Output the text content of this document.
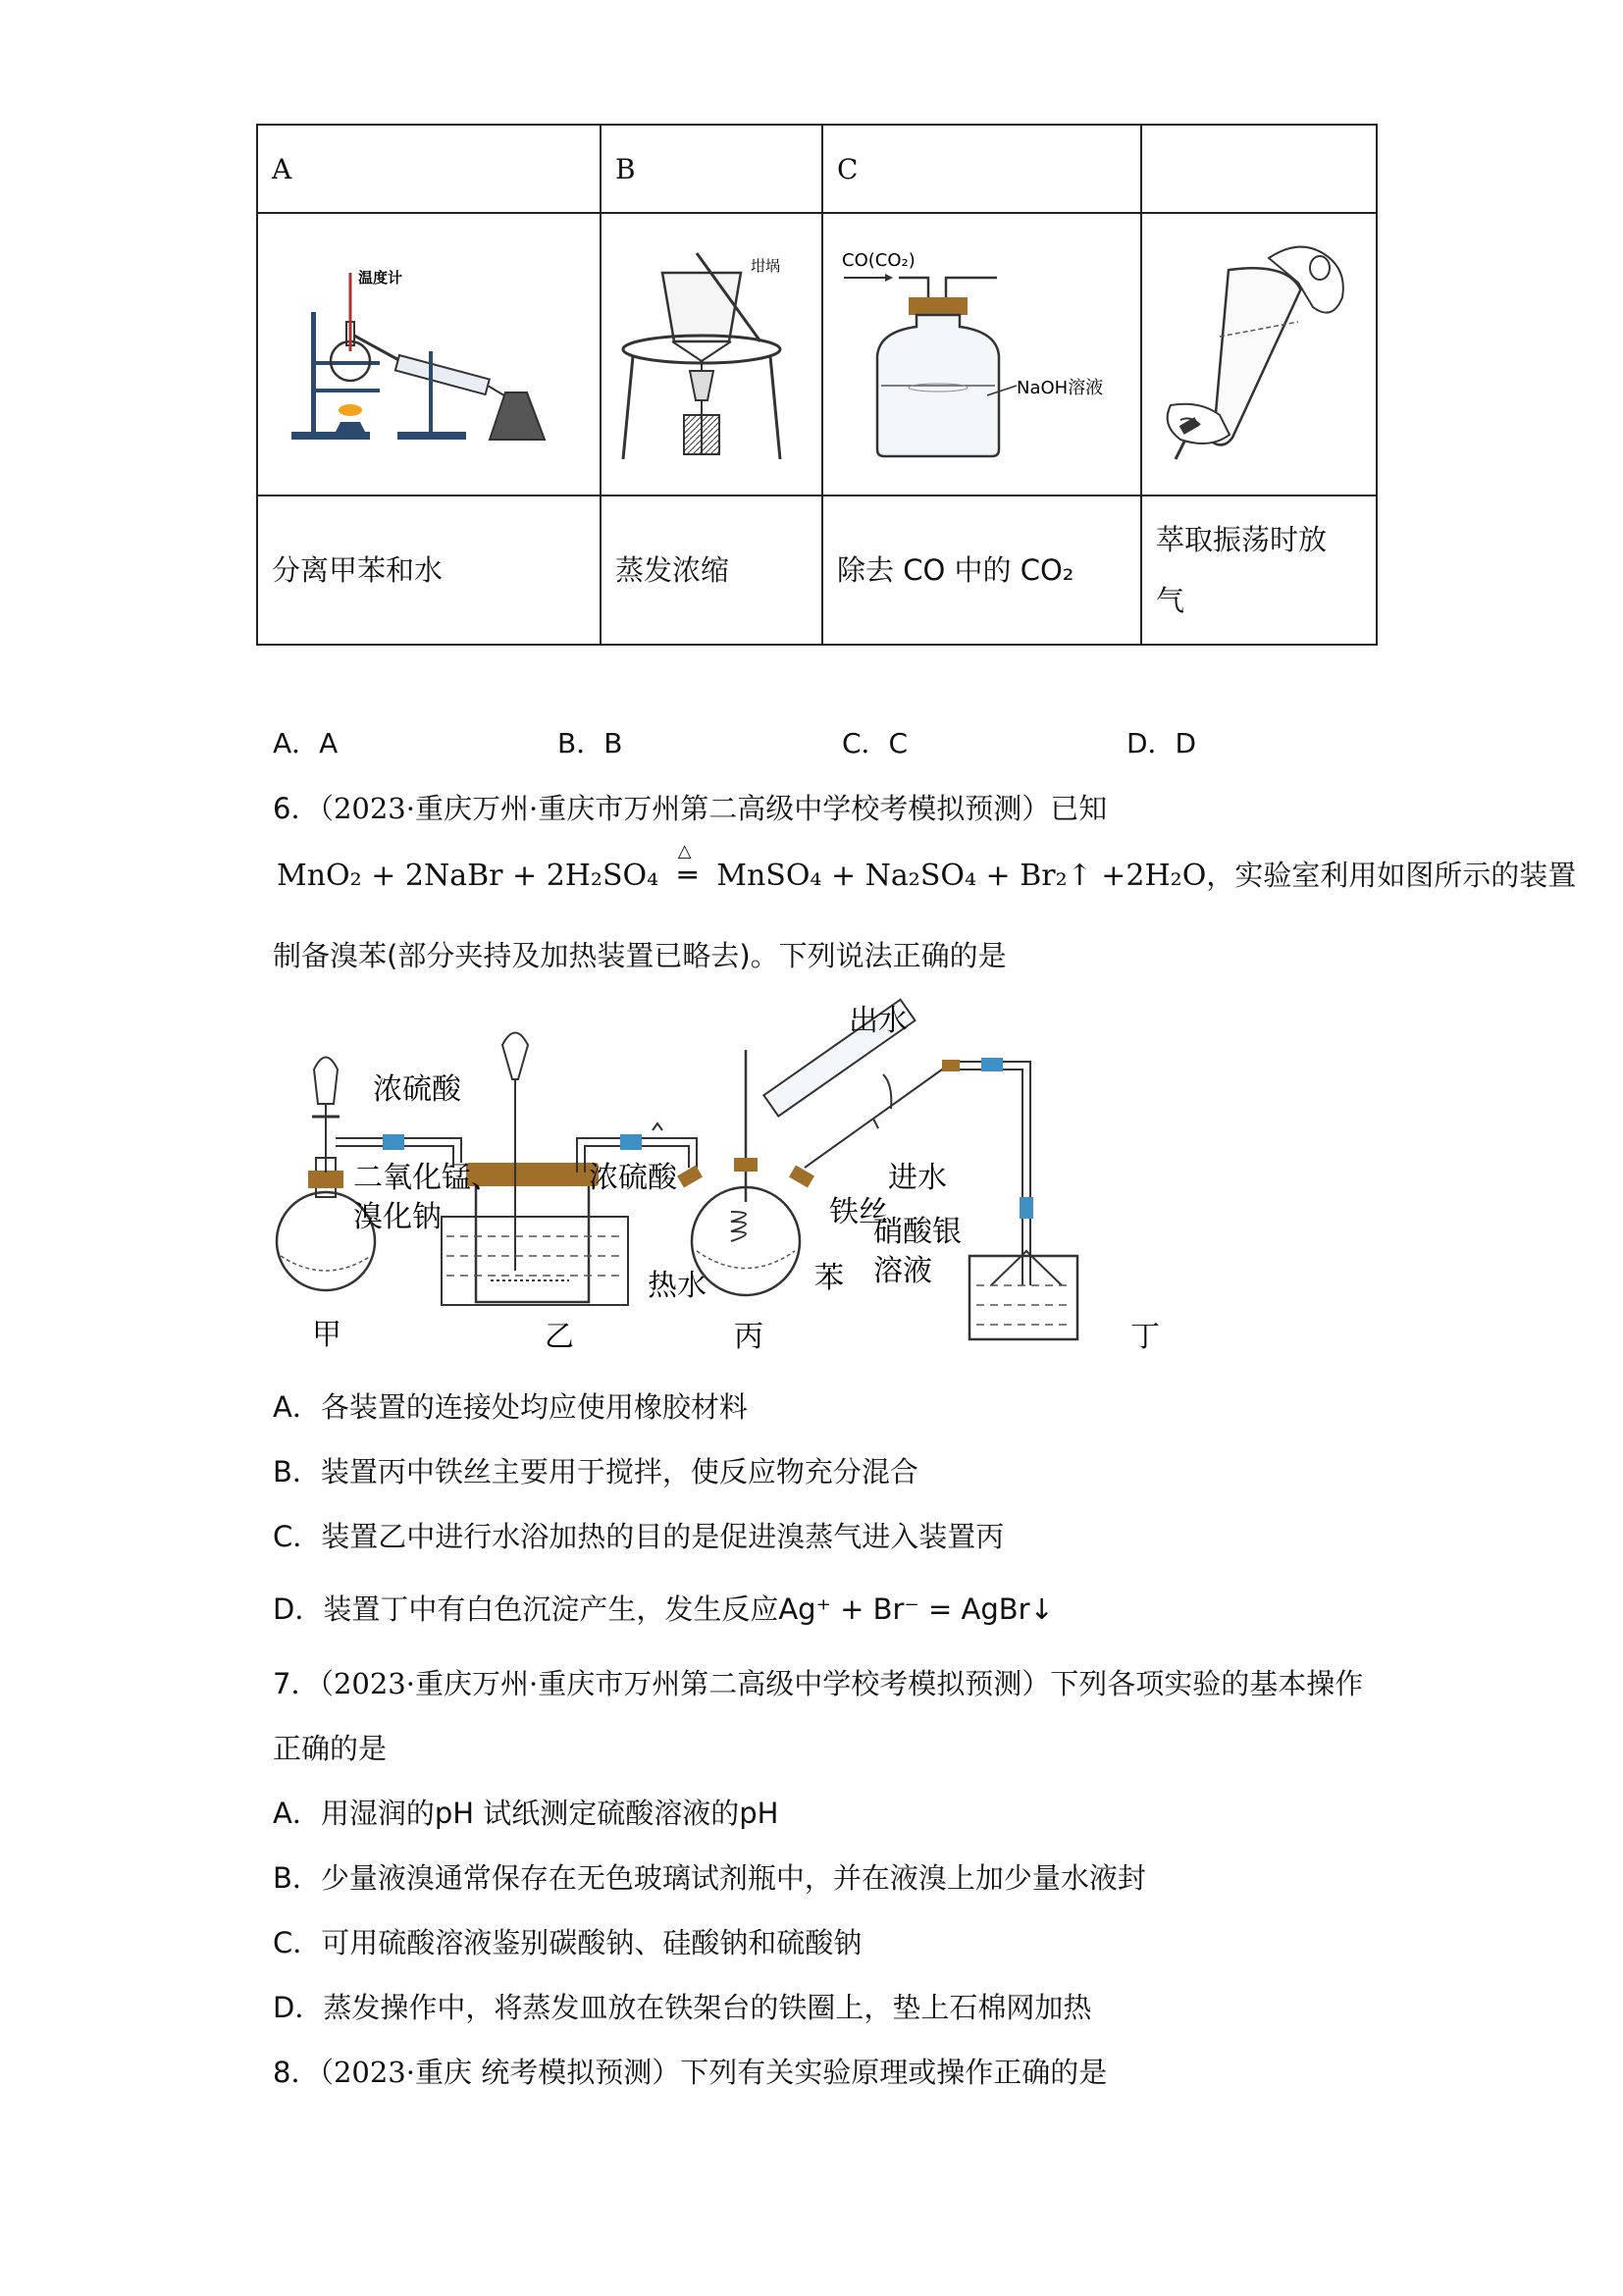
A	B	C	

温度计	坩埚	CO(CO₂)
NaOH溶液

分离甲苯和水	蒸发浓缩	除去 CO 中的 CO₂	萃取振荡时放气
A．A	B．B	C．C	D．D
6．（2023·重庆万州·重庆市万州第二高级中学校考模拟预测）已知
MnO₂ + 2NaBr + 2H₂SO₄
△
═ MnSO₄ + Na₂SO₄ + Br₂↑ +2H₂O，实验室利用如图所示的装置
制备溴苯(部分夹持及加热装置已略去)。下列说法正确的是
浓硫酸
二氧化锰、
溴化钠
浓硫酸
热水
铁丝
苯
出水
进水
硝酸银
溶液
甲	乙	丙	丁
A．各装置的连接处均应使用橡胶材料
B．装置丙中铁丝主要用于搅拌，使反应物充分混合
C．装置乙中进行水浴加热的目的是促进溴蒸气进入装置丙
D．装置丁中有白色沉淀产生，发生反应Ag⁺ + Br⁻ = AgBr↓
7．（2023·重庆万州·重庆市万州第二高级中学校考模拟预测）下列各项实验的基本操作
正确的是
A．用湿润的pH 试纸测定硫酸溶液的pH
B．少量液溴通常保存在无色玻璃试剂瓶中，并在液溴上加少量水液封
C．可用硫酸溶液鉴别碳酸钠、硅酸钠和硫酸钠
D．蒸发操作中，将蒸发皿放在铁架台的铁圈上，垫上石棉网加热
8．（2023·重庆 统考模拟预测）下列有关实验原理或操作正确的是
